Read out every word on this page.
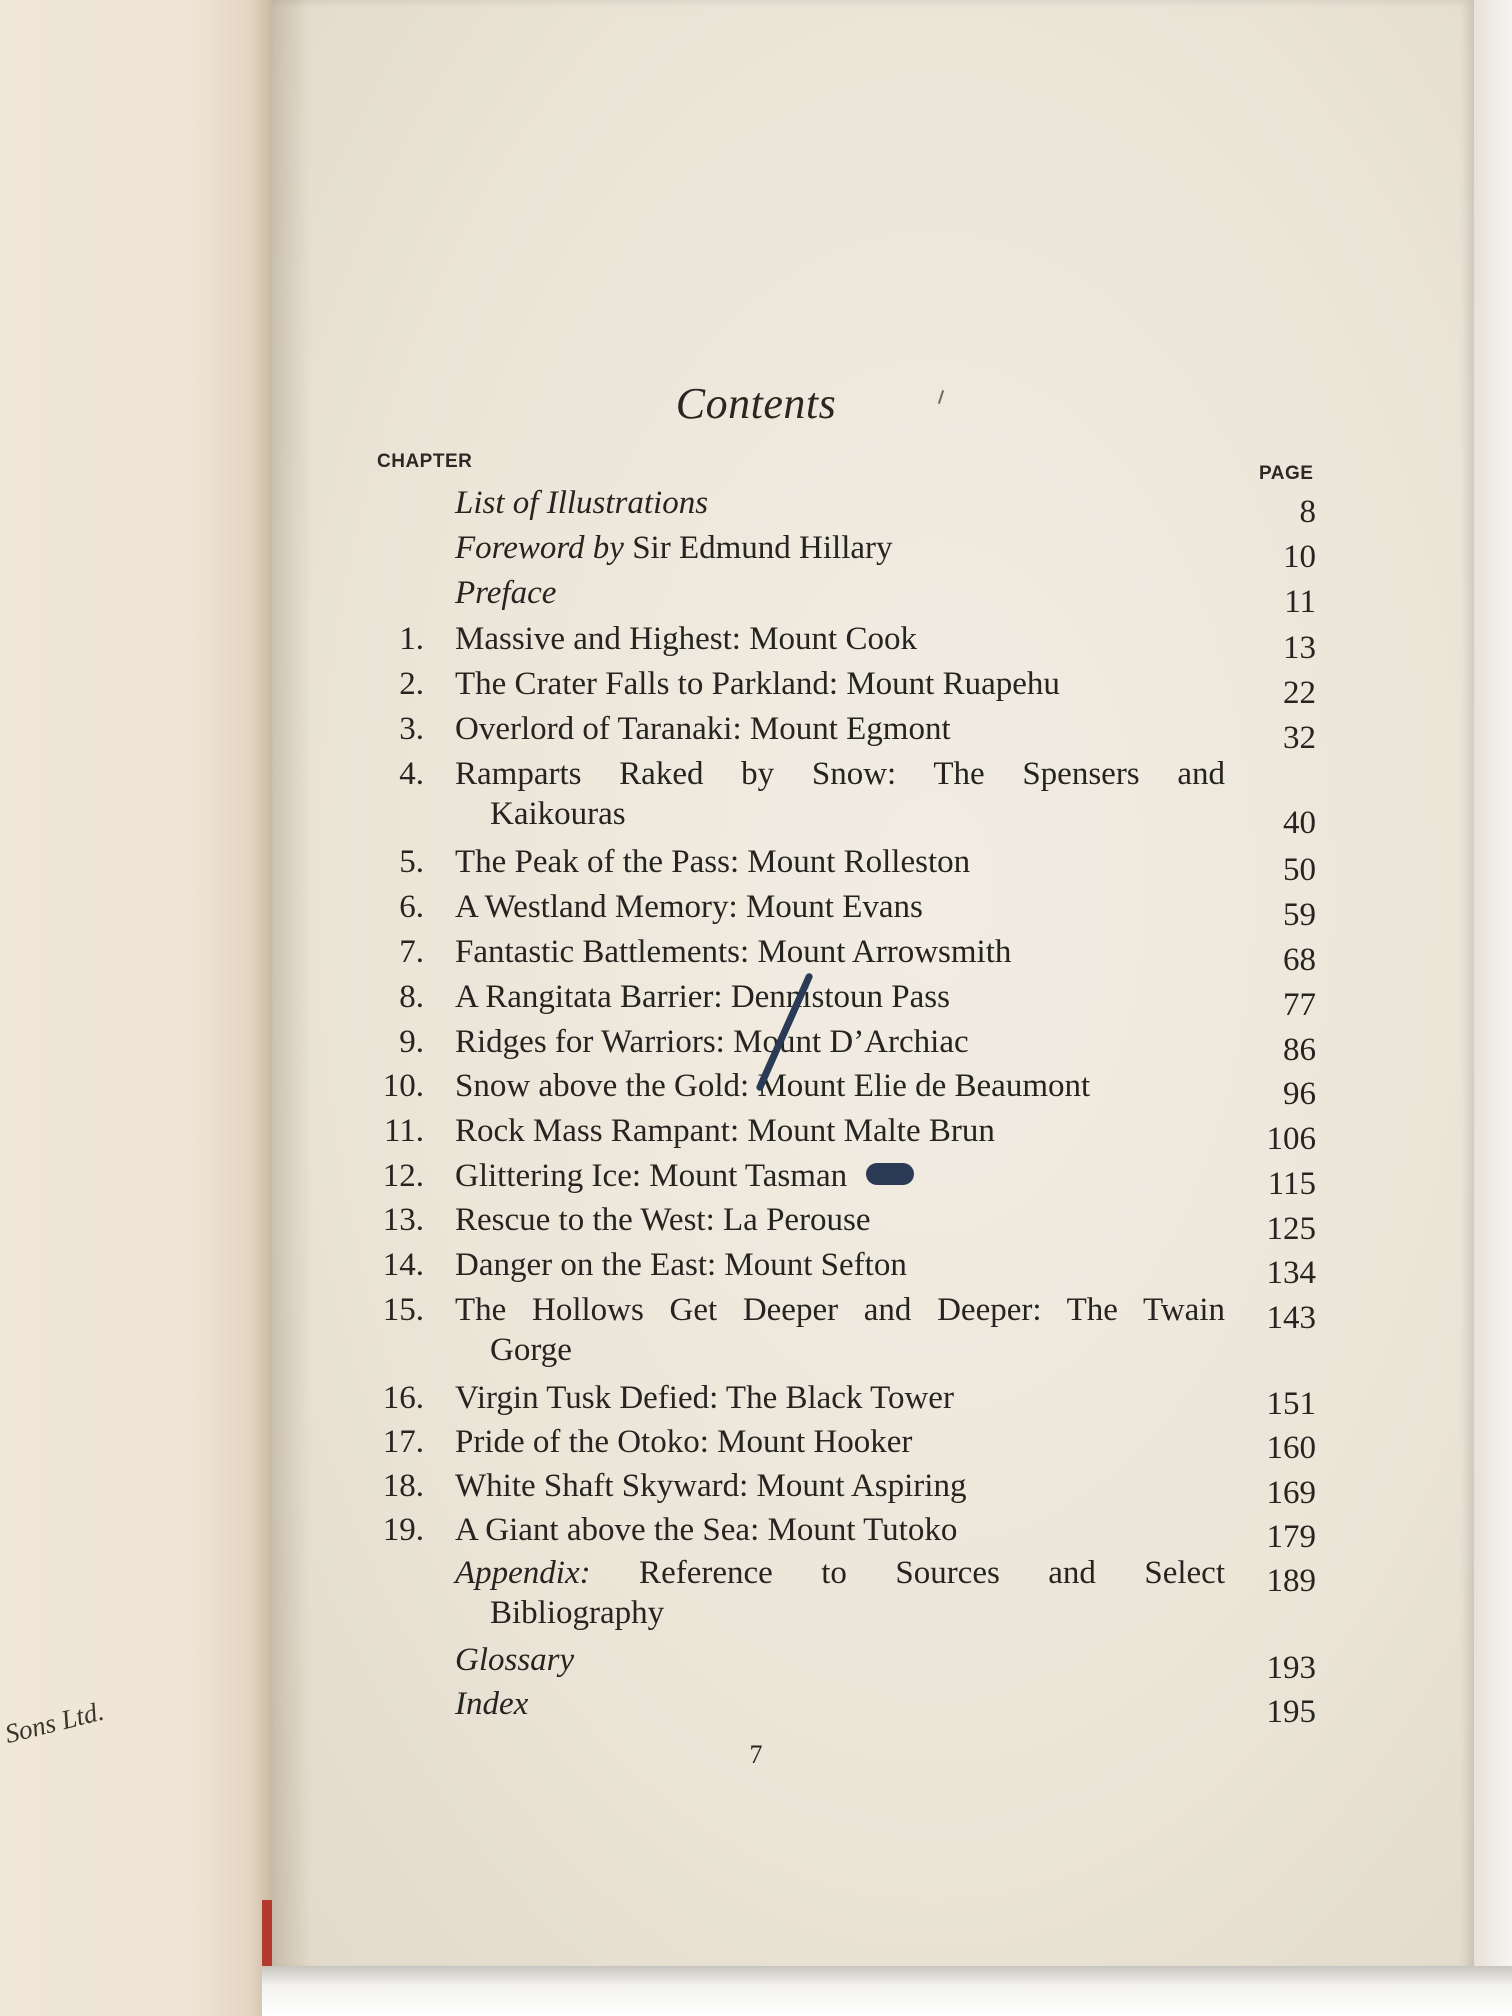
Sons Ltd.
Contents
CHAPTER
PAGE
List of Illustrations	8
Foreword by Sir Edmund Hillary	10
Preface	11
1. Massive and Highest: Mount Cook	13
2. The Crater Falls to Parkland: Mount Ruapehu	22
3. Overlord of Taranaki: Mount Egmont	32
4. Ramparts Raked by Snow: The Spensers and
Kaikouras	40
5. The Peak of the Pass: Mount Rolleston	50
6. A Westland Memory: Mount Evans	59
7. Fantastic Battlements: Mount Arrowsmith	68
8. A Rangitata Barrier: Dennistoun Pass	77
9. Ridges for Warriors: Mount D’Archiac	86
10. Snow above the Gold: Mount Elie de Beaumont	96
11. Rock Mass Rampant: Mount Malte Brun	106
12. Glittering Ice: Mount Tasman	115
13. Rescue to the West: La Perouse	125
14. Danger on the East: Mount Sefton	134
15. The Hollows Get Deeper and Deeper: The Twain
Gorge
143
16. Virgin Tusk Defied: The Black Tower	151
17. Pride of the Otoko: Mount Hooker	160
18. White Shaft Skyward: Mount Aspiring	169
19. A Giant above the Sea: Mount Tutoko	179
Appendix: Reference to Sources and Select
Bibliography
189
Glossary	193
Index	195
7
